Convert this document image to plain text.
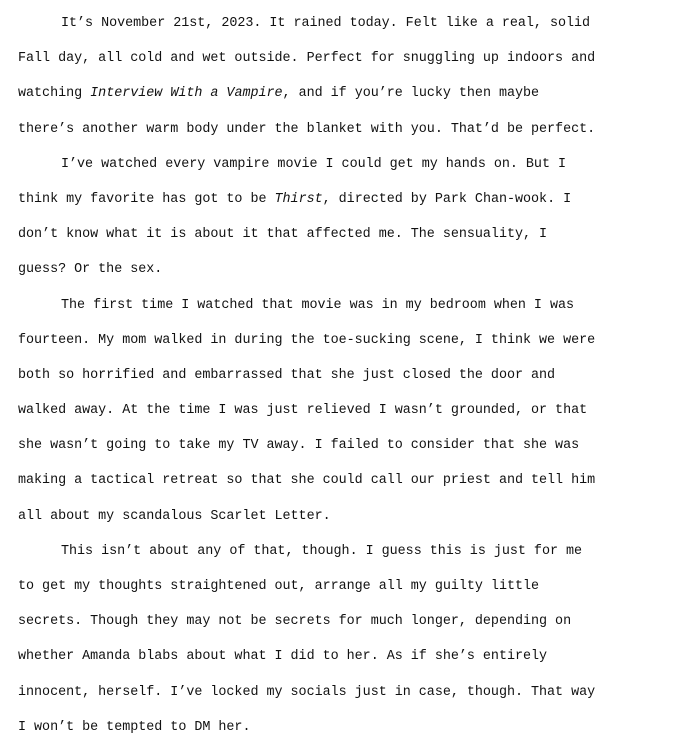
It’s November 21st, 2023. It rained today. Felt like a real, solid
Fall day, all cold and wet outside. Perfect for snuggling up indoors and
watching Interview With a Vampire, and if you’re lucky then maybe
there’s another warm body under the blanket with you. That’d be perfect.
I’ve watched every vampire movie I could get my hands on. But I
think my favorite has got to be Thirst, directed by Park Chan-wook. I
don’t know what it is about it that affected me. The sensuality, I
guess? Or the sex.
The first time I watched that movie was in my bedroom when I was
fourteen. My mom walked in during the toe-sucking scene, I think we were
both so horrified and embarrassed that she just closed the door and
walked away. At the time I was just relieved I wasn’t grounded, or that
she wasn’t going to take my TV away. I failed to consider that she was
making a tactical retreat so that she could call our priest and tell him
all about my scandalous Scarlet Letter.
This isn’t about any of that, though. I guess this is just for me
to get my thoughts straightened out, arrange all my guilty little
secrets. Though they may not be secrets for much longer, depending on
whether Amanda blabs about what I did to her. As if she’s entirely
innocent, herself. I’ve locked my socials just in case, though. That way
I won’t be tempted to DM her.
